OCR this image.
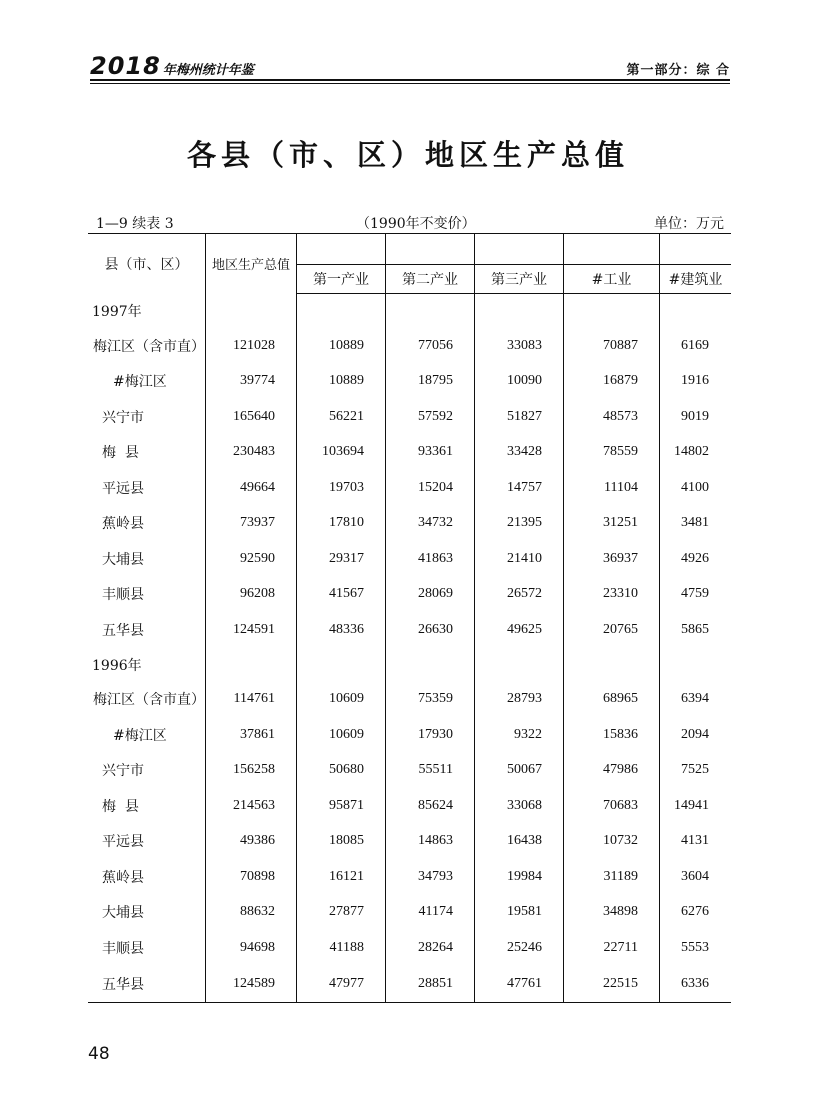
2018 年梅州统计年鉴	第一部分：综 合
各县（市、区）地区生产总值
1—9 续表 3	（1990年不变价）	单位：万元

县（市、区）	地区生产总值					
		第一产业	第二产业	第三产业	#工业	#建筑业
1997年						
梅江区（含市直）	121028	10889	77056	33083	70887	6169
#梅江区	39774	10889	18795	10090	16879	1916
兴宁市	165640	56221	57592	51827	48573	9019
梅  县	230483	103694	93361	33428	78559	14802
平远县	49664	19703	15204	14757	11104	4100
蕉岭县	73937	17810	34732	21395	31251	3481
大埔县	92590	29317	41863	21410	36937	4926
丰顺县	96208	41567	28069	26572	23310	4759
五华县	124591	48336	26630	49625	20765	5865
1996年						
梅江区（含市直）	114761	10609	75359	28793	68965	6394
#梅江区	37861	10609	17930	9322	15836	2094
兴宁市	156258	50680	55511	50067	47986	7525
梅  县	214563	95871	85624	33068	70683	14941
平远县	49386	18085	14863	16438	10732	4131
蕉岭县	70898	16121	34793	19984	31189	3604
大埔县	88632	27877	41174	19581	34898	6276
丰顺县	94698	41188	28264	25246	22711	5553
五华县	124589	47977	28851	47761	22515	6336
48
